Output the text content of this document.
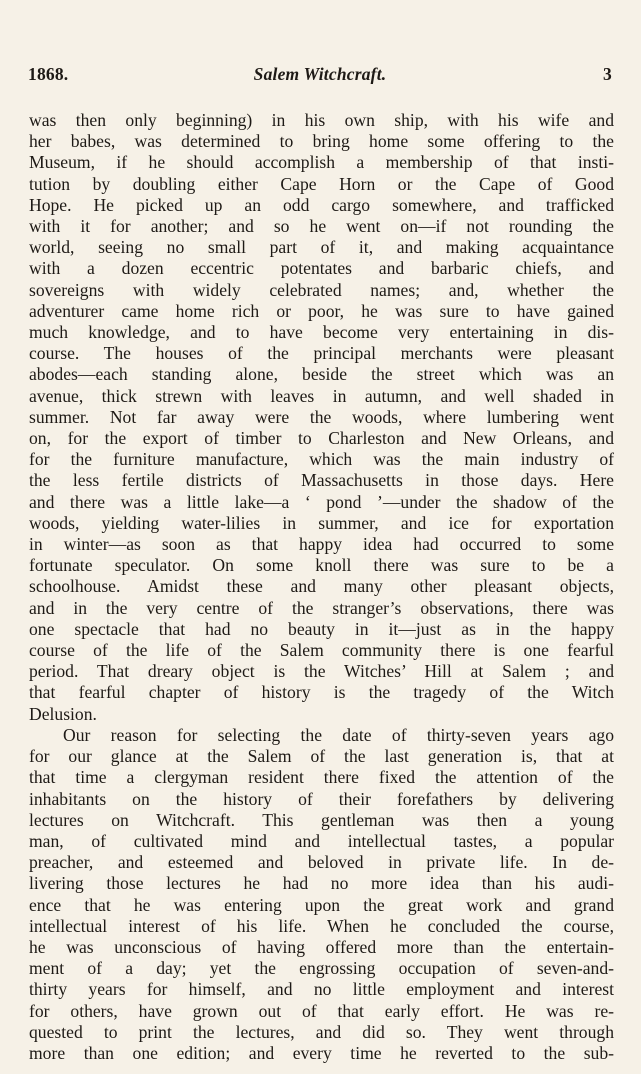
1868.	Salem Witchcraft.	3
was then only beginning) in his own ship, with his wife and
her babes, was determined to bring home some offering to the
Museum, if he should accomplish a membership of that insti-
tution by doubling either Cape Horn or the Cape of Good
Hope. He picked up an odd cargo somewhere, and trafficked
with it for another; and so he went on—if not rounding the
world, seeing no small part of it, and making acquaintance
with a dozen eccentric potentates and barbaric chiefs, and
sovereigns with widely celebrated names; and, whether the
adventurer came home rich or poor, he was sure to have gained
much knowledge, and to have become very entertaining in dis-
course. The houses of the principal merchants were pleasant
abodes—each standing alone, beside the street which was an
avenue, thick strewn with leaves in autumn, and well shaded in
summer. Not far away were the woods, where lumbering went
on, for the export of timber to Charleston and New Orleans, and
for the furniture manufacture, which was the main industry of
the less fertile districts of Massachusetts in those days. Here
and there was a little lake—a ‘ pond ’—under the shadow of the
woods, yielding water-lilies in summer, and ice for exportation
in winter—as soon as that happy idea had occurred to some
fortunate speculator. On some knoll there was sure to be a
schoolhouse. Amidst these and many other pleasant objects,
and in the very centre of the stranger’s observations, there was
one spectacle that had no beauty in it—just as in the happy
course of the life of the Salem community there is one fearful
period. That dreary object is the Witches’ Hill at Salem ; and
that fearful chapter of history is the tragedy of the Witch
Delusion.
Our reason for selecting the date of thirty-seven years ago
for our glance at the Salem of the last generation is, that at
that time a clergyman resident there fixed the attention of the
inhabitants on the history of their forefathers by delivering
lectures on Witchcraft. This gentleman was then a young
man, of cultivated mind and intellectual tastes, a popular
preacher, and esteemed and beloved in private life. In de-
livering those lectures he had no more idea than his audi-
ence that he was entering upon the great work and grand
intellectual interest of his life. When he concluded the course,
he was unconscious of having offered more than the entertain-
ment of a day; yet the engrossing occupation of seven-and-
thirty years for himself, and no little employment and interest
for others, have grown out of that early effort. He was re-
quested to print the lectures, and did so. They went through
more than one edition; and every time he reverted to the sub-
